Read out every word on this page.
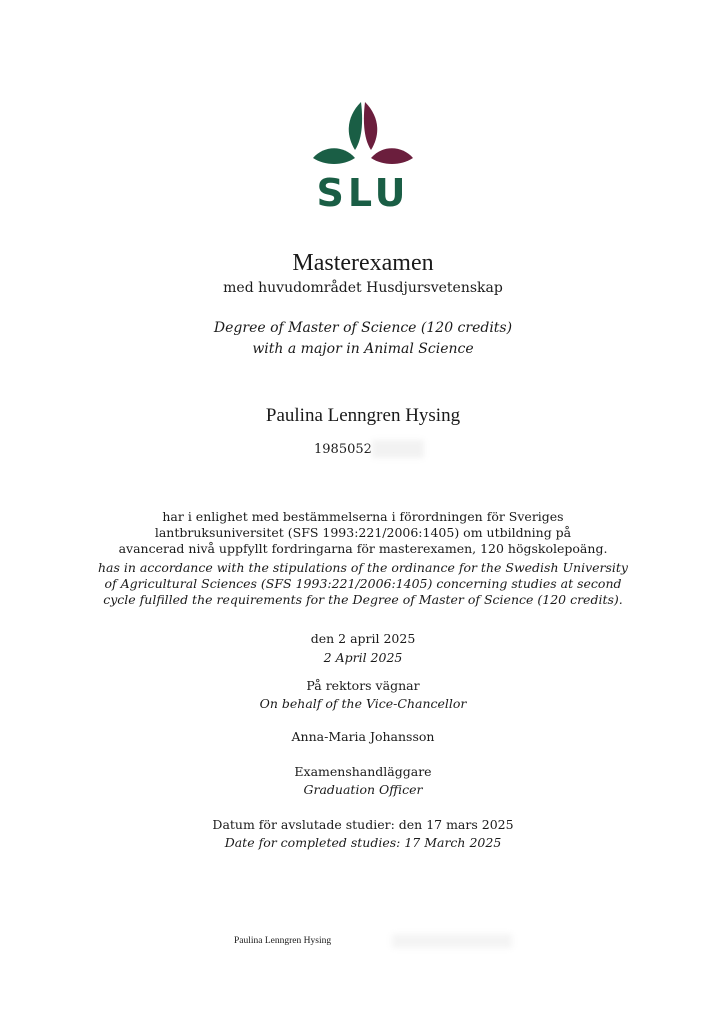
SLU
Masterexamen
med huvudområdet Husdjursvetenskap
Degree of Master of Science (120 credits)
with a major in Animal Science
Paulina Lenngren Hysing
1985052
har i enlighet med bestämmelserna i förordningen för Sveriges
lantbruksuniversitet (SFS 1993:221/2006:1405) om utbildning på
avancerad nivå uppfyllt fordringarna för masterexamen, 120 högskolepoäng.
has in accordance with the stipulations of the ordinance for the Swedish University
of Agricultural Sciences (SFS 1993:221/2006:1405) concerning studies at second
cycle fulfilled the requirements for the Degree of Master of Science (120 credits).
den 2 april 2025
2 April 2025
På rektors vägnar
On behalf of the Vice-Chancellor
Anna-Maria Johansson
Examenshandläggare
Graduation Officer
Datum för avslutade studier: den 17 mars 2025
Date for completed studies: 17 March 2025
Paulina Lenngren Hysing
